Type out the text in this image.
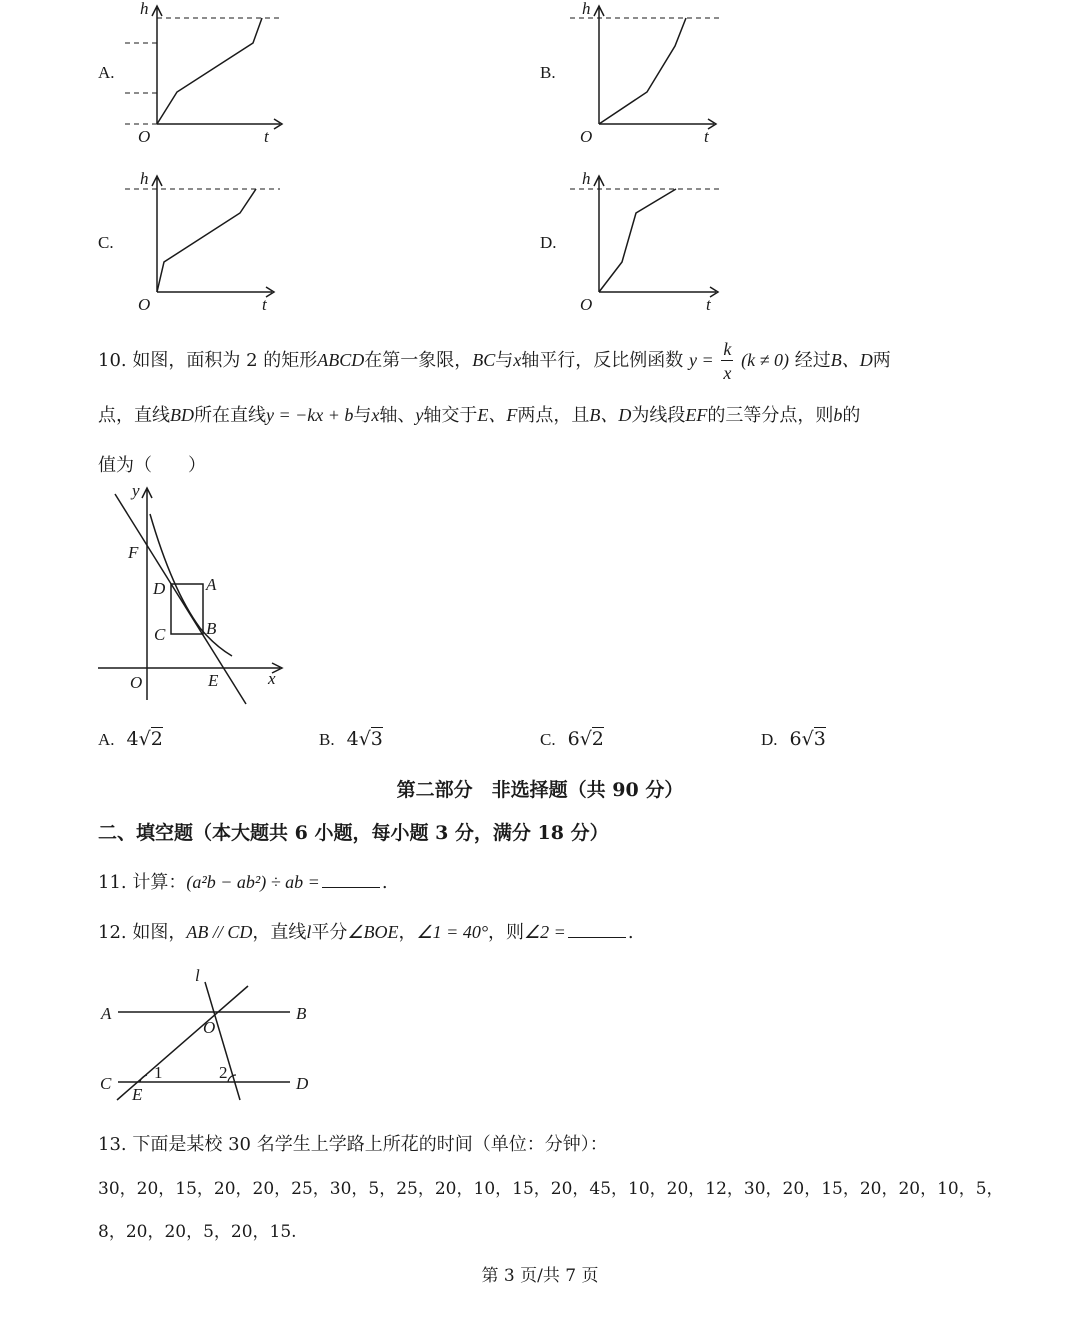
A.
h
t
O
B.
h
t
O
C.
h
t
O
D.
h
t
O
10. 如图，面积为 2 的矩形ABCD在第一象限，BC与x轴平行，反比例函数 $y = \frac{k}{x} (k \ne 0)$ 经过B、D两
点，直线BD所在直线y = −kx + b与x轴、y轴交于E、F两点，且B、D为线段EF的三等分点，则b的
值为（　　）
y
x
O
F
D A
C B
E
A. 4√2	B. 4√3	C. 6√2	D. 6√3
第二部分　非选择题（共 90 分）
二、填空题（本大题共 6 小题，每小题 3 分，满分 18 分）
11. 计算：(a²b − ab²) ÷ ab =	.
12. 如图，AB // CD，直线l平分∠BOE，∠1 = 40°，则∠2 =	.
l
A	B
O
C
E
D
1	2
13. 下面是某校 30 名学生上学路上所花的时间（单位：分钟）：
30，20，15，20，20，25，30，5，25，20，10，15，20，45，10，20，12，30，20，15，20，20，10，5，
8，20，20，5，20，15.
第 3 页/共 7 页
